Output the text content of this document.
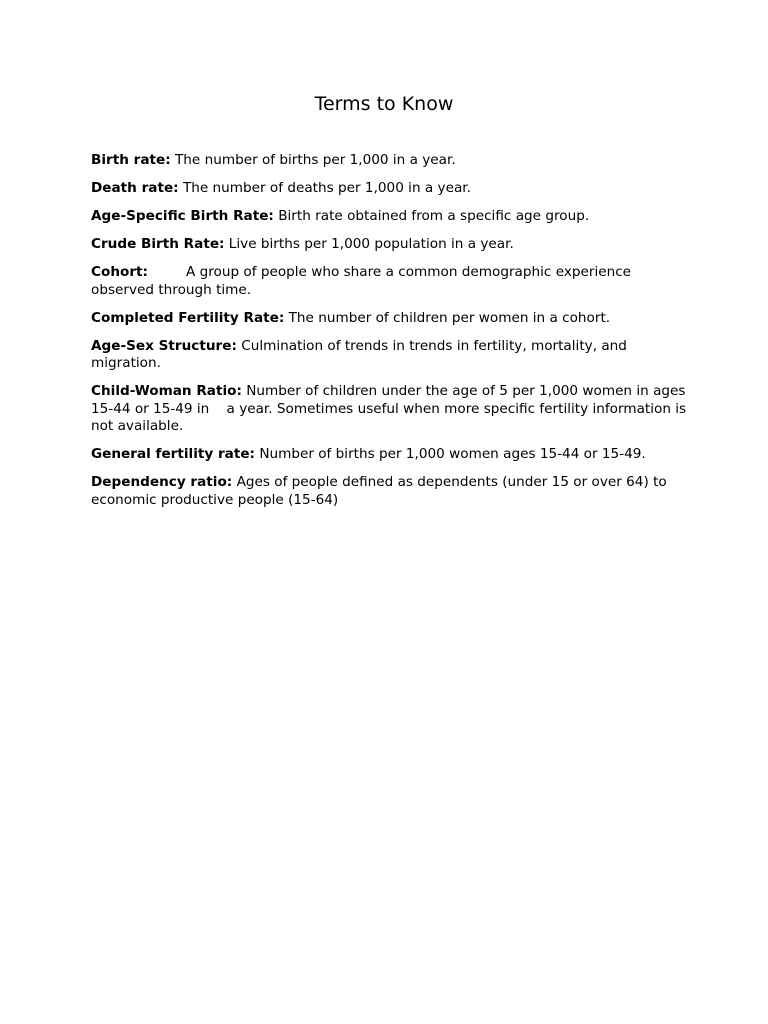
Terms to Know

Birth rate: The number of births per 1,000 in a year.

Death rate: The number of deaths per 1,000 in a year.

Age-Specific Birth Rate: Birth rate obtained from a specific age group.

Crude Birth Rate: Live births per 1,000 population in a year.

Cohort:	A group of people who share a common demographic experience observed through time.

Completed Fertility Rate: The number of children per women in a cohort.

Age-Sex Structure: Culmination of trends in trends in fertility, mortality, and migration.

Child-Woman Ratio: Number of children under the age of 5 per 1,000 women in ages 15-44 or 15-49 in    a year. Sometimes useful when more specific fertility information is not available.

General fertility rate: Number of births per 1,000 women ages 15-44 or 15-49.

Dependency ratio: Ages of people defined as dependents (under 15 or over 64) to economic productive people (15-64)
